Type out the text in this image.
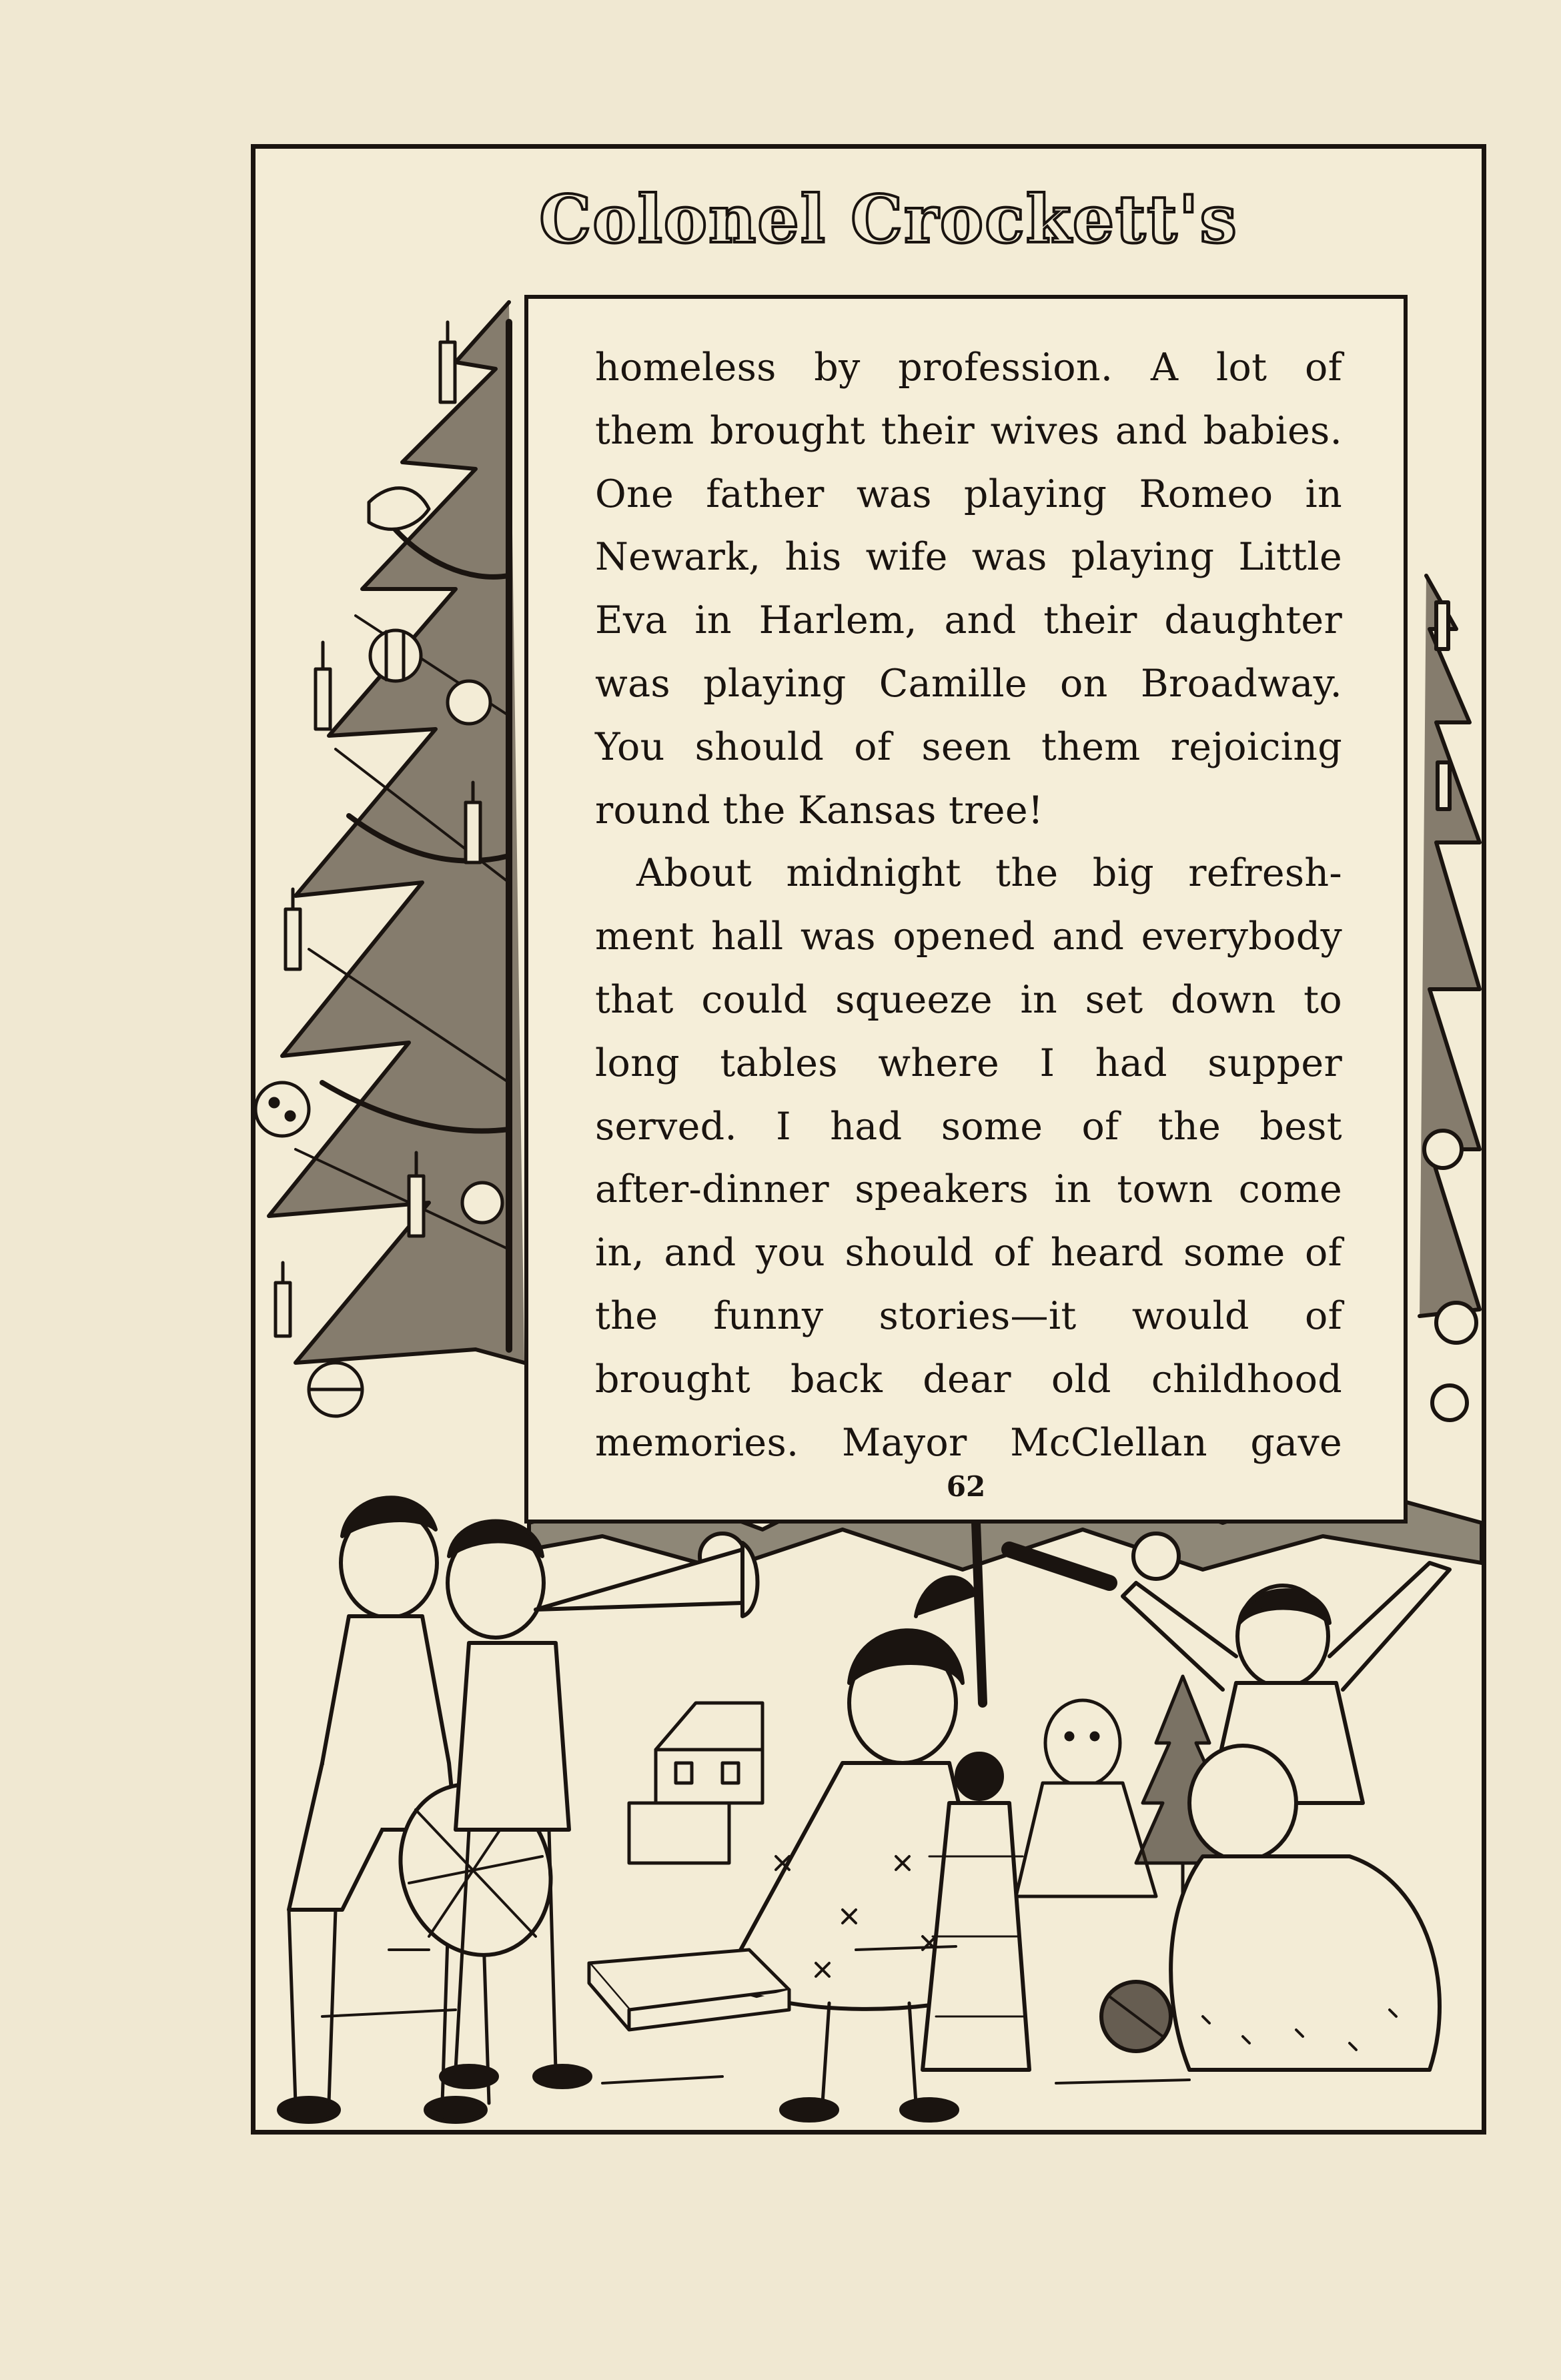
W
Colonel Crockett's

homeless by profession. A lot of
them brought their wives and babies.
One father was playing Romeo in
Newark, his wife was playing Little
Eva in Harlem, and their daughter
was playing Camille on Broadway.
You should of seen them rejoicing
round the Kansas tree!
About midnight the big refresh-
ment hall was opened and everybody
that could squeeze in set down to
long tables where I had supper
served. I had some of the best
after-dinner speakers in town come
in, and you should of heard some of
the funny stories—it would of
brought back dear old childhood
memories. Mayor McClellan gave

62
